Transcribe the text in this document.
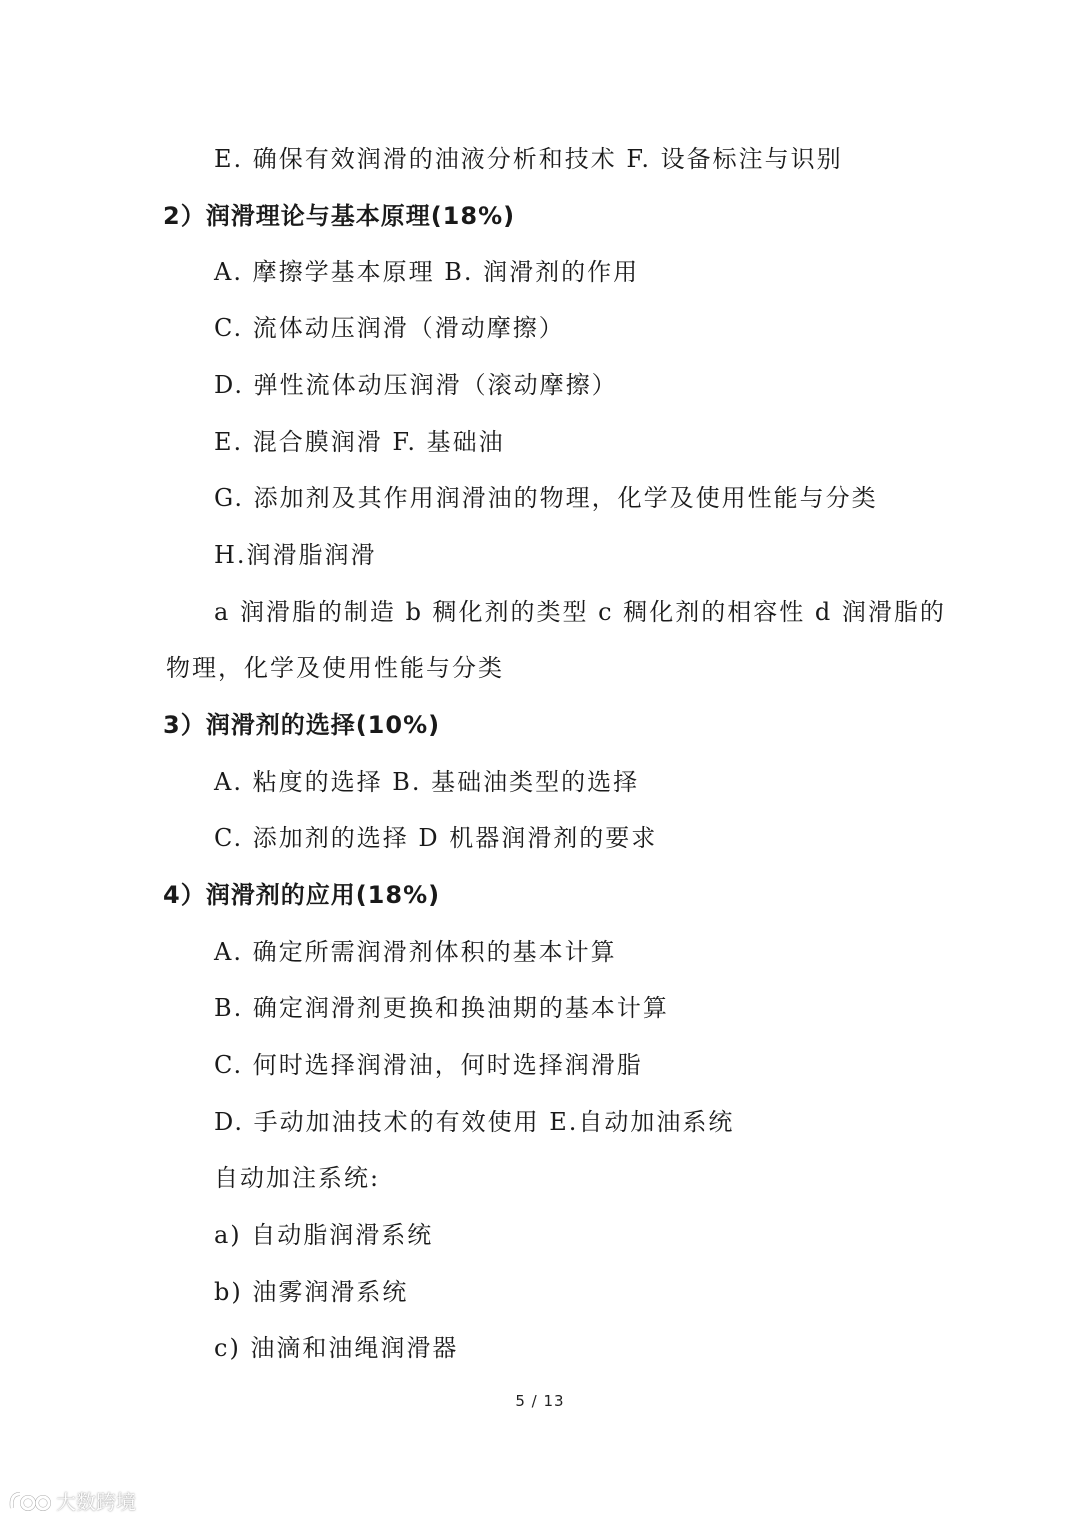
E. 确保有效润滑的油液分析和技术 F. 设备标注与识别
2）润滑理论与基本原理(18%)
A. 摩擦学基本原理 B. 润滑剂的作用
C. 流体动压润滑（滑动摩擦）
D. 弹性流体动压润滑（滚动摩擦）
E. 混合膜润滑 F. 基础油
G. 添加剂及其作用润滑油的物理，化学及使用性能与分类
H.润滑脂润滑
a 润滑脂的制造 b 稠化剂的类型 c 稠化剂的相容性 d 润滑脂的
物理，化学及使用性能与分类
3）润滑剂的选择(10%)
A. 粘度的选择 B. 基础油类型的选择
C. 添加剂的选择 D 机器润滑剂的要求
4）润滑剂的应用(18%)
A. 确定所需润滑剂体积的基本计算
B. 确定润滑剂更换和换油期的基本计算
C. 何时选择润滑油，何时选择润滑脂
D. 手动加油技术的有效使用 E.自动加油系统
自动加注系统:
a) 自动脂润滑系统
b) 油雾润滑系统
c) 油滴和油绳润滑器
5 / 13
大数跨境
